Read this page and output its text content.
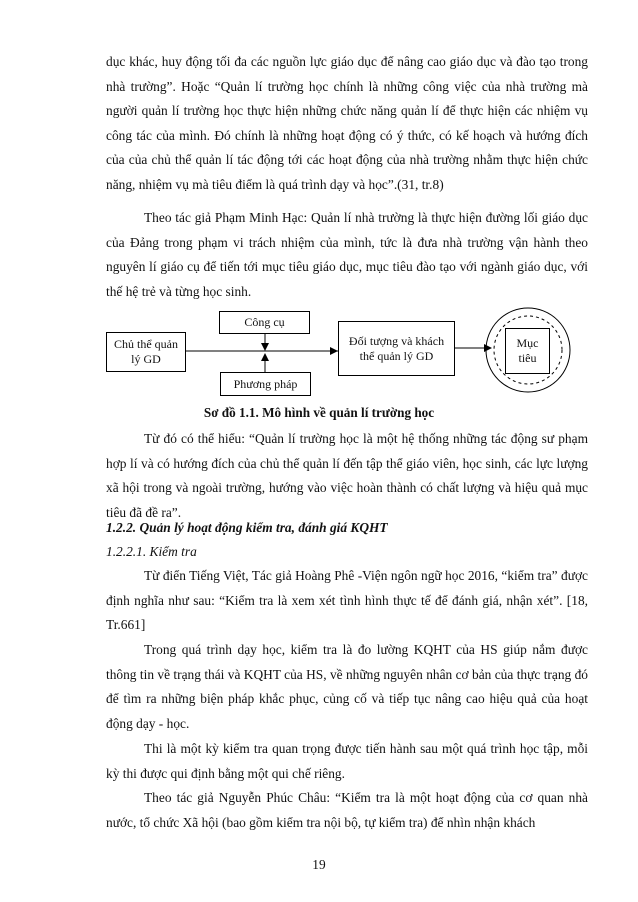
dục khác, huy động tối đa các nguồn lực giáo dục để nâng cao giáo dục và đào tạo trong nhà trường”. Hoặc “Quản lí trường học chính là những công việc của nhà trường mà người quản lí trường học thực hiện những chức năng quản lí để thực hiện các nhiệm vụ công tác của mình. Đó chính là những hoạt động có ý thức, có kế hoạch và hướng đích của của chủ thể quản lí tác động tới các hoạt động của nhà trường nhằm thực hiện chức năng, nhiệm vụ mà tiêu điểm là quá trình dạy và học”.(31, tr.8)

Theo tác giả Phạm Minh Hạc: Quản lí nhà trường là thực hiện đường lối giáo dục của Đảng trong phạm vi trách nhiệm của mình, tức là đưa nhà trường vận hành theo nguyên lí giáo cụ để tiến tới mục tiêu giáo dục, mục tiêu đào tạo với ngành giáo dục, với thế hệ trẻ và từng học sinh.

Chủ thể quản lý GD
Công cụ
Phương pháp
Đối tượng và khách thể quản lý GD
Mục tiêu
Sơ đồ 1.1. Mô hình về quản lí trường học

Từ đó có thể hiểu: “Quản lí trường học là một hệ thống những tác động sư phạm hợp lí và có hướng đích của chủ thể quản lí đến tập thể giáo viên, học sinh, các lực lượng xã hội trong và ngoài trường, hướng vào việc hoàn thành có chất lượng và hiệu quả mục tiêu đã đề ra”.

1.2.2. Quản lý hoạt động kiểm tra, đánh giá KQHT
1.2.2.1. Kiểm tra

Từ điển Tiếng Việt, Tác giả Hoàng Phê -Viện ngôn ngữ học 2016, “kiểm tra” được định nghĩa như sau: “Kiểm tra là xem xét tình hình thực tế để đánh giá, nhận xét”. [18, Tr.661]

Trong quá trình dạy học, kiểm tra là đo lường KQHT của HS giúp nắm được thông tin về trạng thái và KQHT của HS, về những nguyên nhân cơ bản của thực trạng đó để tìm ra những biện pháp khắc phục, củng cố và tiếp tục nâng cao hiệu quả của hoạt động dạy - học.

Thi là một kỳ kiểm tra quan trọng được tiến hành sau một quá trình học tập, mỗi kỳ thi được qui định bằng một qui chế riêng.

Theo tác giả Nguyễn Phúc Châu: “Kiểm tra là một hoạt động của cơ quan nhà nước, tổ chức Xã hội (bao gồm kiểm tra nội bộ, tự kiểm tra) để nhìn nhận khách

19
